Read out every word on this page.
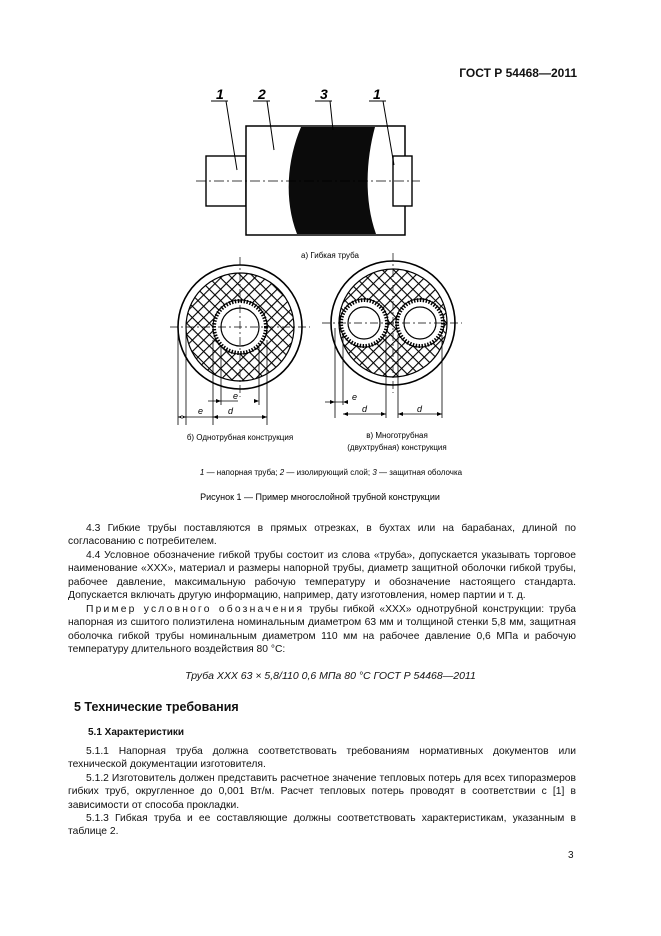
ГОСТ Р 54468—2011
1 2	3	1
а) Гибкая труба
e
e	d
б) Однотрубная конструкция
e
d	d
в) Многотрубная
(двухтрубная) конструкция
1 — напорная труба; 2 — изолирующий слой; 3 — защитная оболочка
Рисунок 1 — Пример многослойной трубной конструкции
4.3 Гибкие трубы поставляются в прямых отрезках, в бухтах или на барабанах, длиной по согласованию с потребителем.
4.4 Условное обозначение гибкой трубы состоит из слова «труба», допускается указывать торговое наименование «XXX», материал и размеры напорной трубы, диаметр защитной оболочки гибкой трубы, рабочее давление, максимальную рабочую температуру и обозначение настоящего стандарта. Допускается включать другую информацию, например, дату изготовления, номер партии и т. д.
Пример условного обозначения трубы гибкой «XXX» однотрубной конструкции: труба напорная из сшитого полиэтилена номинальным диаметром 63 мм и толщиной стенки 5,8 мм, защитная оболочка гибкой трубы номинальным диаметром 110 мм на рабочее давление 0,6 МПа и рабочую температуру длительного воздействия 80 °С:
Труба XXX 63 × 5,8/110 0,6 МПа 80 °С ГОСТ Р 54468—2011
5 Технические требования
5.1 Характеристики
5.1.1 Напорная труба должна соответствовать требованиям нормативных документов или технической документации изготовителя.
5.1.2 Изготовитель должен представить расчетное значение тепловых потерь для всех типоразмеров гибких труб, округленное до 0,001 Вт/м. Расчет тепловых потерь проводят в соответствии с [1] в зависимости от способа прокладки.
5.1.3 Гибкая труба и ее составляющие должны соответствовать характеристикам, указанным в таблице 2.
3
